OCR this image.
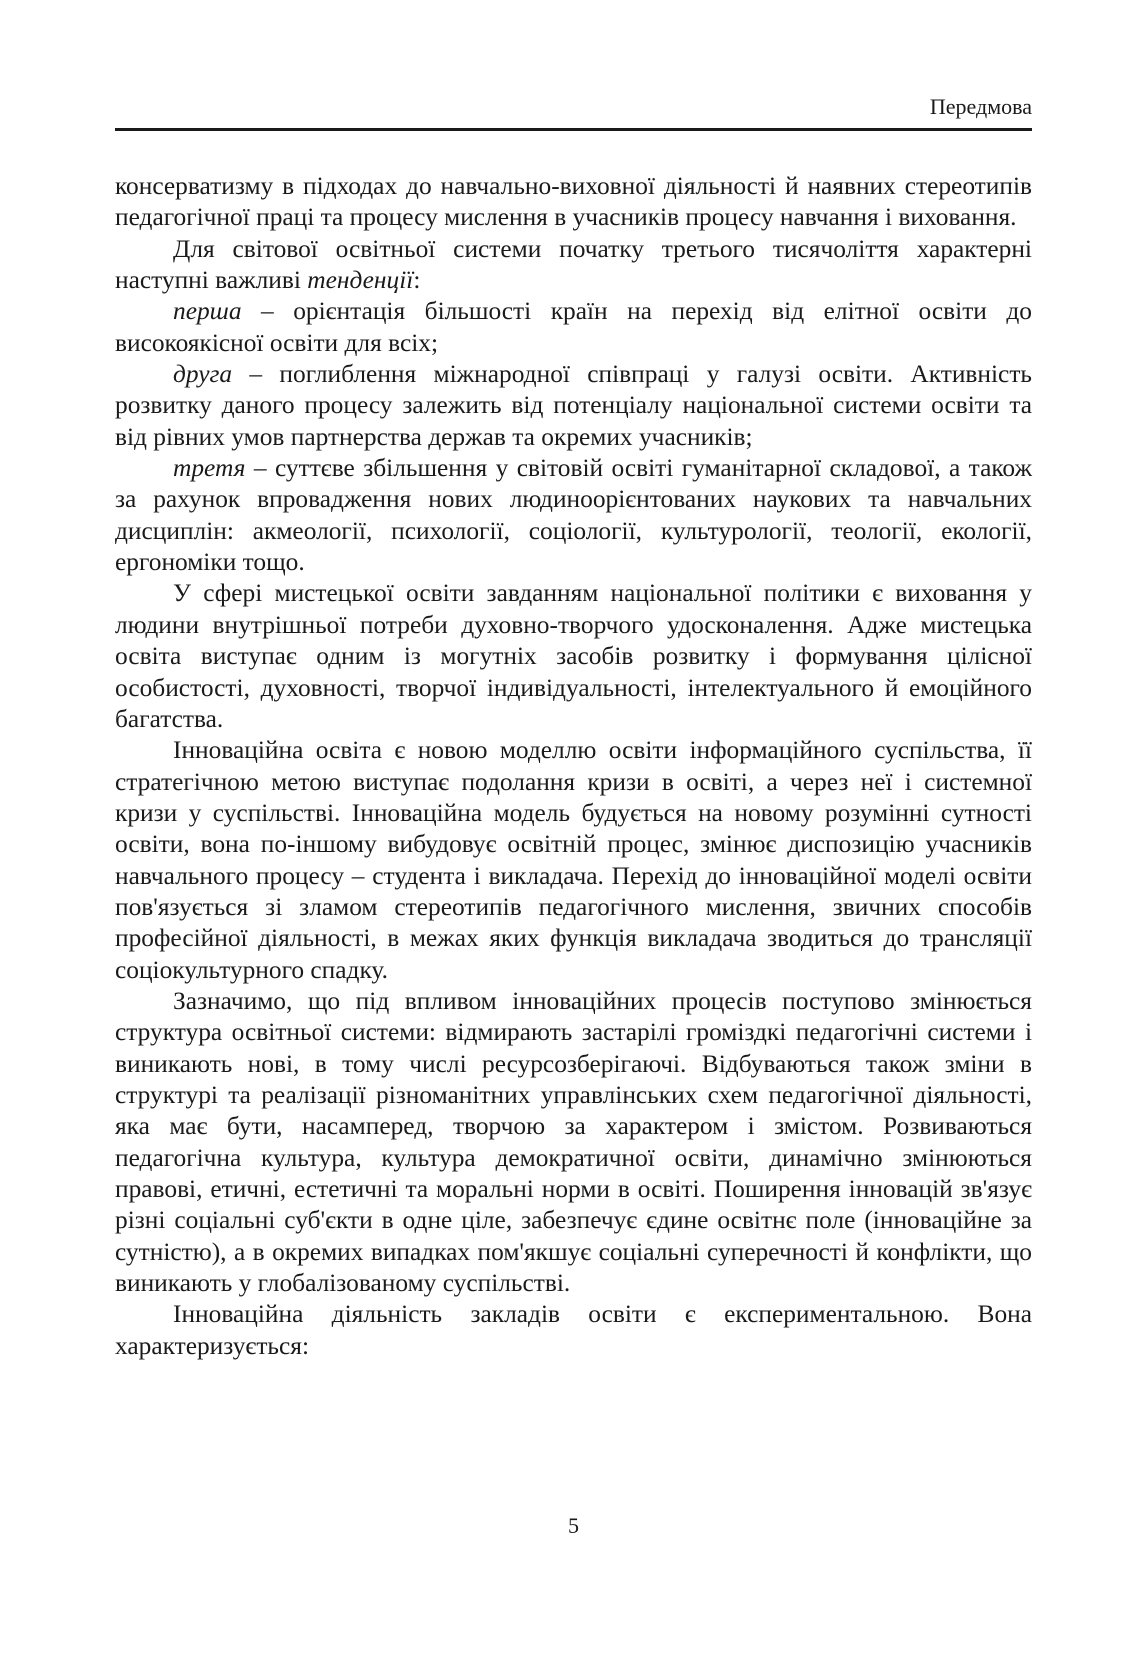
Передмова

консерватизму в підходах до навчально-виховної діяльності й наявних стереотипів педагогічної праці та процесу мислення в учасників процесу навчання і виховання.

Для світової освітньої системи початку третього тисячоліття характерні наступні важливі тенденції:

перша – орієнтація більшості країн на перехід від елітної освіти до високоякісної освіти для всіх;

друга – поглиблення міжнародної співпраці у галузі освіти. Активність розвитку даного процесу залежить від потенціалу національної системи освіти та від рівних умов партнерства держав та окремих учасників;

третя – суттєве збільшення у світовій освіті гуманітарної складової, а також за рахунок впровадження нових людиноорієнтованих наукових та навчальних дисциплін: акмеології, психології, соціології, культурології, теології, екології, ергономіки тощо.

У сфері мистецької освіти завданням національної політики є виховання у людини внутрішньої потреби духовно-творчого удосконалення. Адже мистецька освіта виступає одним із могутніх засобів розвитку і формування цілісної особистості, духовності, творчої індивідуальності, інтелектуального й емоційного багатства.

Інноваційна освіта є новою моделлю освіти інформаційного суспільства, її стратегічною метою виступає подолання кризи в освіті, а через неї і системної кризи у суспільстві. Інноваційна модель будується на новому розумінні сутності освіти, вона по-іншому вибудовує освітній процес, змінює диспозицію учасників навчального процесу – студента і викладача. Перехід до інноваційної моделі освіти пов'язується зі зламом стереотипів педагогічного мислення, звичних способів професійної діяльності, в межах яких функція викладача зводиться до трансляції соціокультурного спадку.

Зазначимо, що під впливом інноваційних процесів поступово змінюється структура освітньої системи: відмирають застарілі громіздкі педагогічні системи і виникають нові, в тому числі ресурсозберігаючі. Відбуваються також зміни в структурі та реалізації різноманітних управлінських схем педагогічної діяльності, яка має бути, насамперед, творчою за характером і змістом. Розвиваються педагогічна культура, культура демократичної освіти, динамічно змінюються правові, етичні, естетичні та моральні норми в освіті. Поширення інновацій зв'язує різні соціальні суб'єкти в одне ціле, забезпечує єдине освітнє поле (інноваційне за сутністю), а в окремих випадках пом'якшує соціальні суперечності й конфлікти, що виникають у глобалізованому суспільстві.

Інноваційна діяльність закладів освіти є експериментальною. Вона характеризується:

5
